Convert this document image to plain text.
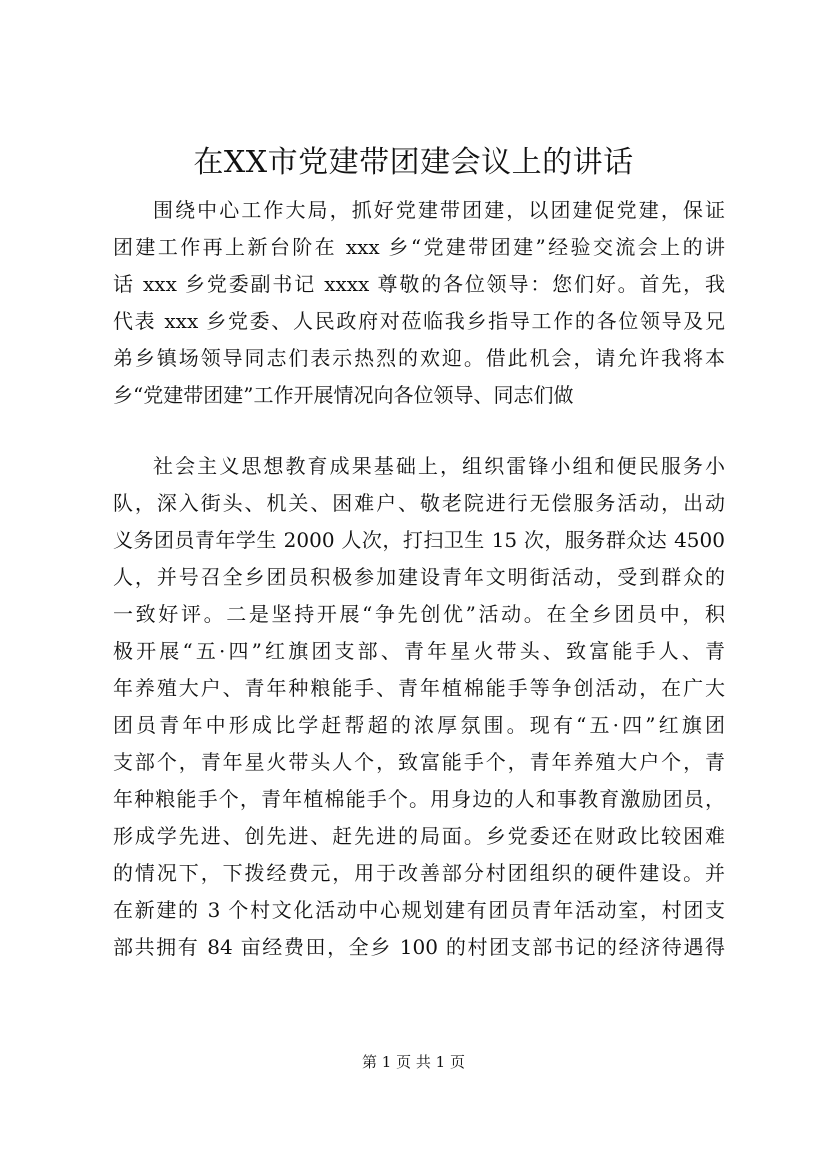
在XX市党建带团建会议上的讲话
围绕中心工作大局，抓好党建带团建，以团建促党建，保证
团建工作再上新台阶在 xxx 乡“党建带团建”经验交流会上的讲
话 xxx 乡党委副书记 xxxx 尊敬的各位领导：您们好。首先，我
代表 xxx 乡党委、人民政府对莅临我乡指导工作的各位领导及兄
弟乡镇场领导同志们表示热烈的欢迎。借此机会，请允许我将本
乡“党建带团建”工作开展情况向各位领导、同志们做
社会主义思想教育成果基础上，组织雷锋小组和便民服务小
队，深入街头、机关、困难户、敬老院进行无偿服务活动，出动
义务团员青年学生 2000 人次，打扫卫生 15 次，服务群众达 4500
人，并号召全乡团员积极参加建设青年文明街活动，受到群众的
一致好评。二是坚持开展“争先创优”活动。在全乡团员中，积
极开展“五·四”红旗团支部、青年星火带头、致富能手人、青
年养殖大户、青年种粮能手、青年植棉能手等争创活动，在广大
团员青年中形成比学赶帮超的浓厚氛围。现有“五·四”红旗团
支部个，青年星火带头人个，致富能手个，青年养殖大户个，青
年种粮能手个，青年植棉能手个。用身边的人和事教育激励团员，
形成学先进、创先进、赶先进的局面。乡党委还在财政比较困难
的情况下，下拨经费元，用于改善部分村团组织的硬件建设。并
在新建的 3 个村文化活动中心规划建有团员青年活动室，村团支
部共拥有 84 亩经费田，全乡 100 的村团支部书记的经济待遇得
第 1 页 共 1 页
